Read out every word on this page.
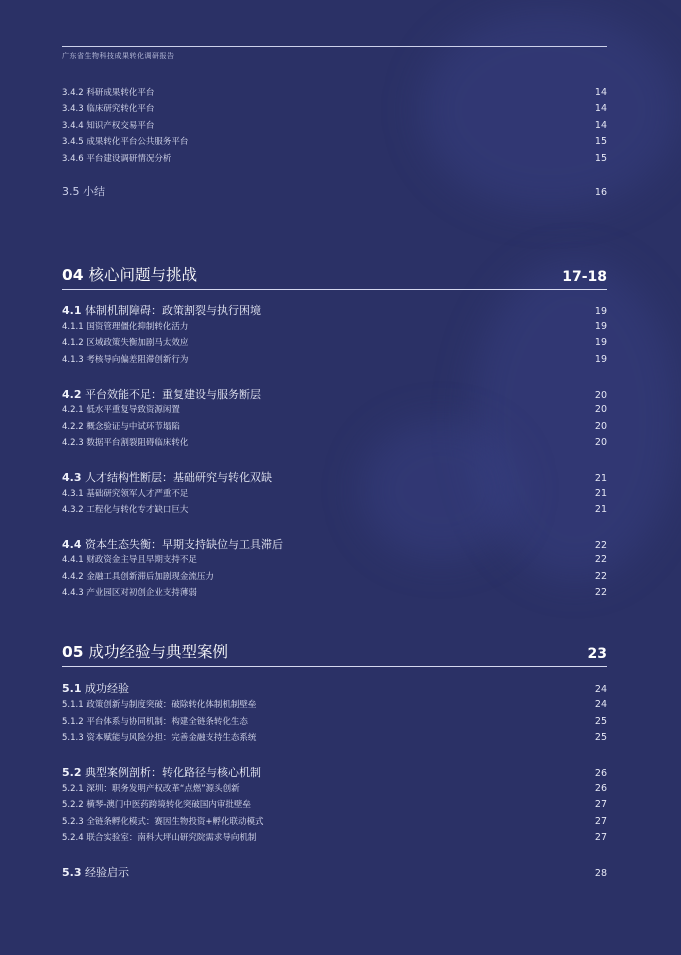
广东省生物科技成果转化调研报告
3.4.2 科研成果转化平台	14
3.4.3 临床研究转化平台	14
3.4.4 知识产权交易平台	14
3.4.5 成果转化平台公共服务平台	15
3.4.6 平台建设调研情况分析	15
3.5 小结	16
04 核心问题与挑战	17-18
4.1 体制机制障碍：政策割裂与执行困境	19
4.1.1 国资管理僵化抑制转化活力	19
4.1.2 区域政策失衡加剧马太效应	19
4.1.3 考核导向偏差阻滞创新行为	19
4.2 平台效能不足：重复建设与服务断层	20
4.2.1 低水平重复导致资源闲置	20
4.2.2 概念验证与中试环节塌陷	20
4.2.3 数据平台割裂阻碍临床转化	20
4.3 人才结构性断层：基础研究与转化双缺	21
4.3.1 基础研究领军人才严重不足	21
4.3.2 工程化与转化专才缺口巨大	21
4.4 资本生态失衡：早期支持缺位与工具滞后	22
4.4.1 财政资金主导且早期支持不足	22
4.4.2 金融工具创新滞后加剧现金流压力	22
4.4.3 产业园区对初创企业支持薄弱	22
05 成功经验与典型案例	23
5.1 成功经验	24
5.1.1 政策创新与制度突破：破除转化体制机制壁垒	24
5.1.2 平台体系与协同机制：构建全链条转化生态	25
5.1.3 资本赋能与风险分担：完善金融支持生态系统	25
5.2 典型案例剖析：转化路径与核心机制	26
5.2.1 深圳：职务发明产权改革“点燃”源头创新	26
5.2.2 横琴-澳门中医药跨境转化突破国内审批壁垒	27
5.2.3 全链条孵化模式：赛因生物投资+孵化联动模式	27
5.2.4 联合实验室：南科大坪山研究院需求导向机制	27
5.3 经验启示	28
